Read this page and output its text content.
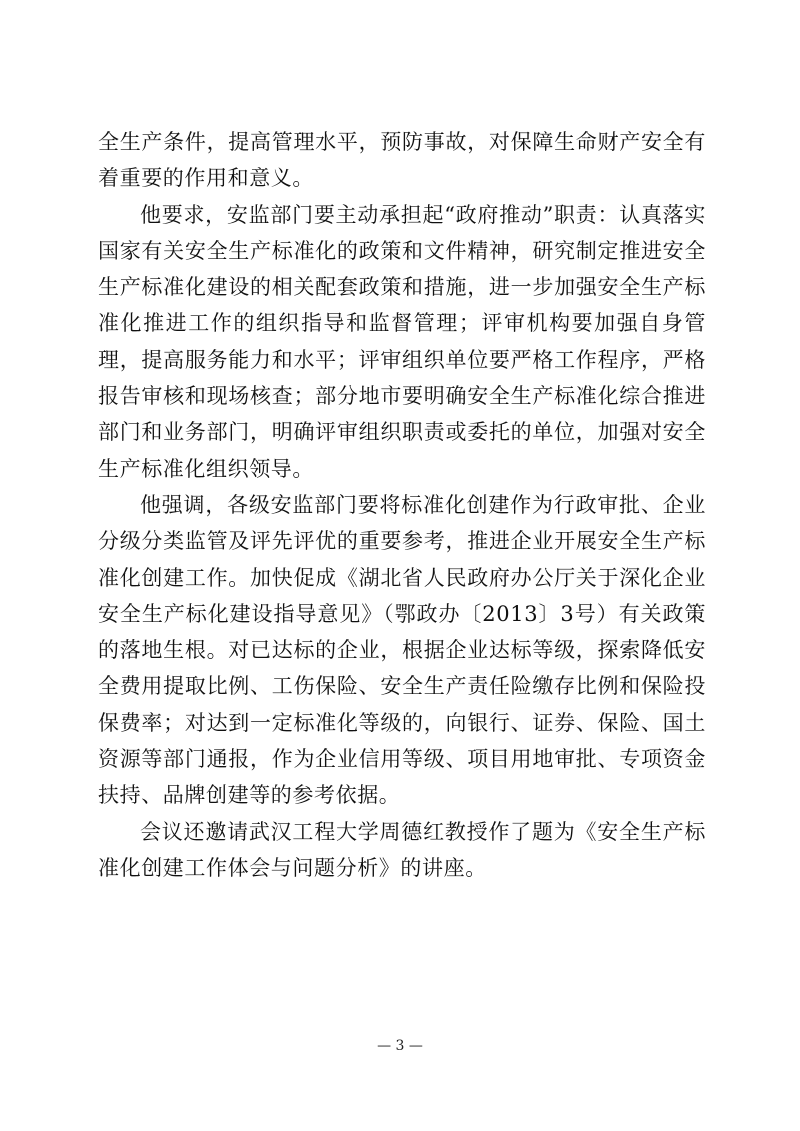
全生产条件，提高管理水平，预防事故，对保障生命财产安全有着重要的作用和意义。

他要求，安监部门要主动承担起“政府推动”职责：认真落实国家有关安全生产标准化的政策和文件精神，研究制定推进安全生产标准化建设的相关配套政策和措施，进一步加强安全生产标准化推进工作的组织指导和监督管理；评审机构要加强自身管理，提高服务能力和水平；评审组织单位要严格工作程序，严格报告审核和现场核查；部分地市要明确安全生产标准化综合推进部门和业务部门，明确评审组织职责或委托的单位，加强对安全生产标准化组织领导。

他强调，各级安监部门要将标准化创建作为行政审批、企业分级分类监管及评先评优的重要参考，推进企业开展安全生产标准化创建工作。加快促成《湖北省人民政府办公厅关于深化企业安全生产标化建设指导意见》（鄂政办〔2013〕3号）有关政策的落地生根。对已达标的企业，根据企业达标等级，探索降低安全费用提取比例、工伤保险、安全生产责任险缴存比例和保险投保费率；对达到一定标准化等级的，向银行、证券、保险、国土资源等部门通报，作为企业信用等级、项目用地审批、专项资金扶持、品牌创建等的参考依据。

会议还邀请武汉工程大学周德红教授作了题为《安全生产标准化创建工作体会与问题分析》的讲座。

— 3 —
